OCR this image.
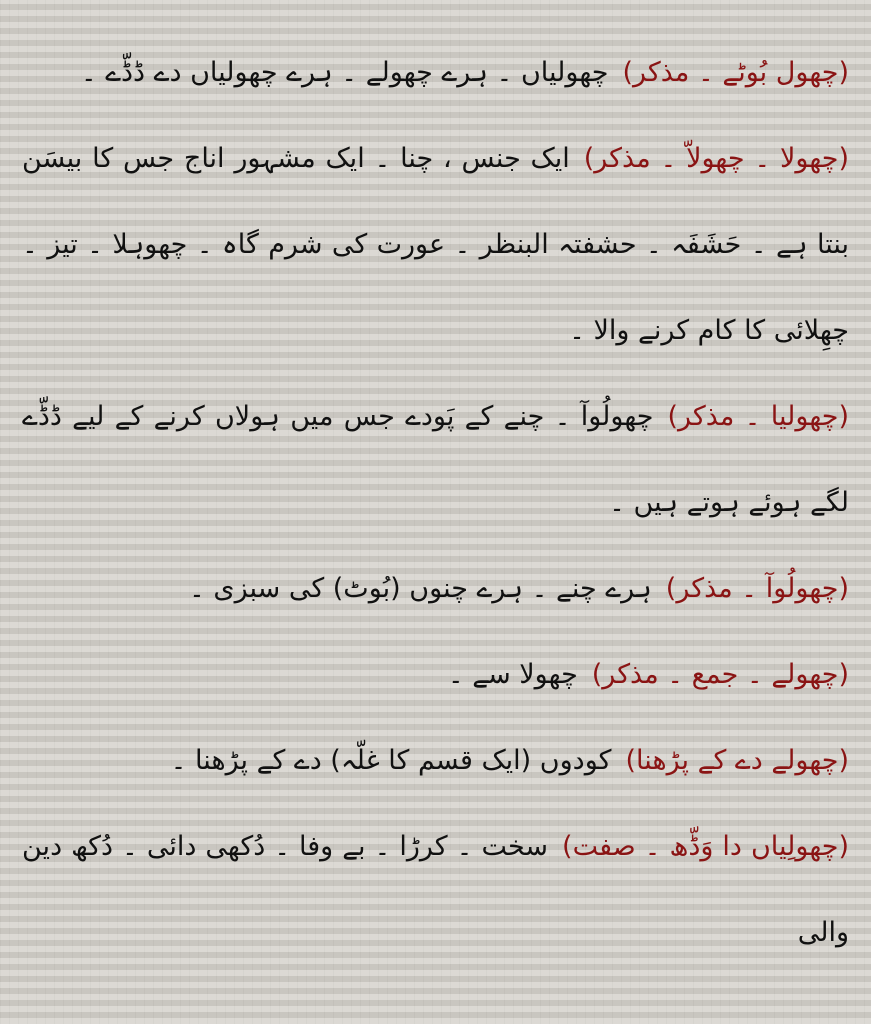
(چھول بُوٹے ۔ مذکر)چھولیاں ۔ ہرے چھولے ۔ ہرے چھولیاں دے ڈڈّے ۔

(چھولا ۔ چھولاّ ۔ مذکر)ایک جنس ، چنا ۔ ایک مشہور اناج جس کا بیسَن بنتا ہے ۔ حَشَفَہ ۔ حشفتہ البنظر ۔ عورت کی شرم گاہ ۔ چھوہلا ۔ تیز ۔ چھِلائی کا کام کرنے والا ۔

(چھولیا ۔ مذکر)چھولُوآ ۔ چنے کے پَودے جس میں ہولاں کرنے کے لیے ڈڈّے لگے ہوئے ہوتے ہیں ۔

(چھولُوآ ۔ مذکر)ہرے چنے ۔ ہرے چنوں (بُوٹ) کی سبزی ۔

(چھولے ۔ جمع ۔ مذکر)چھولا سے ۔

(چھولے دے کے پڑھنا)کودوں (ایک قسم کا غلّہ) دے کے پڑھنا ۔

(چھولِیاں دا وَڈّھ ۔ صفت)سخت ۔ کرڑا ۔ بے وفا ۔ دُکھی دائی ۔ دُکھ دین والی
